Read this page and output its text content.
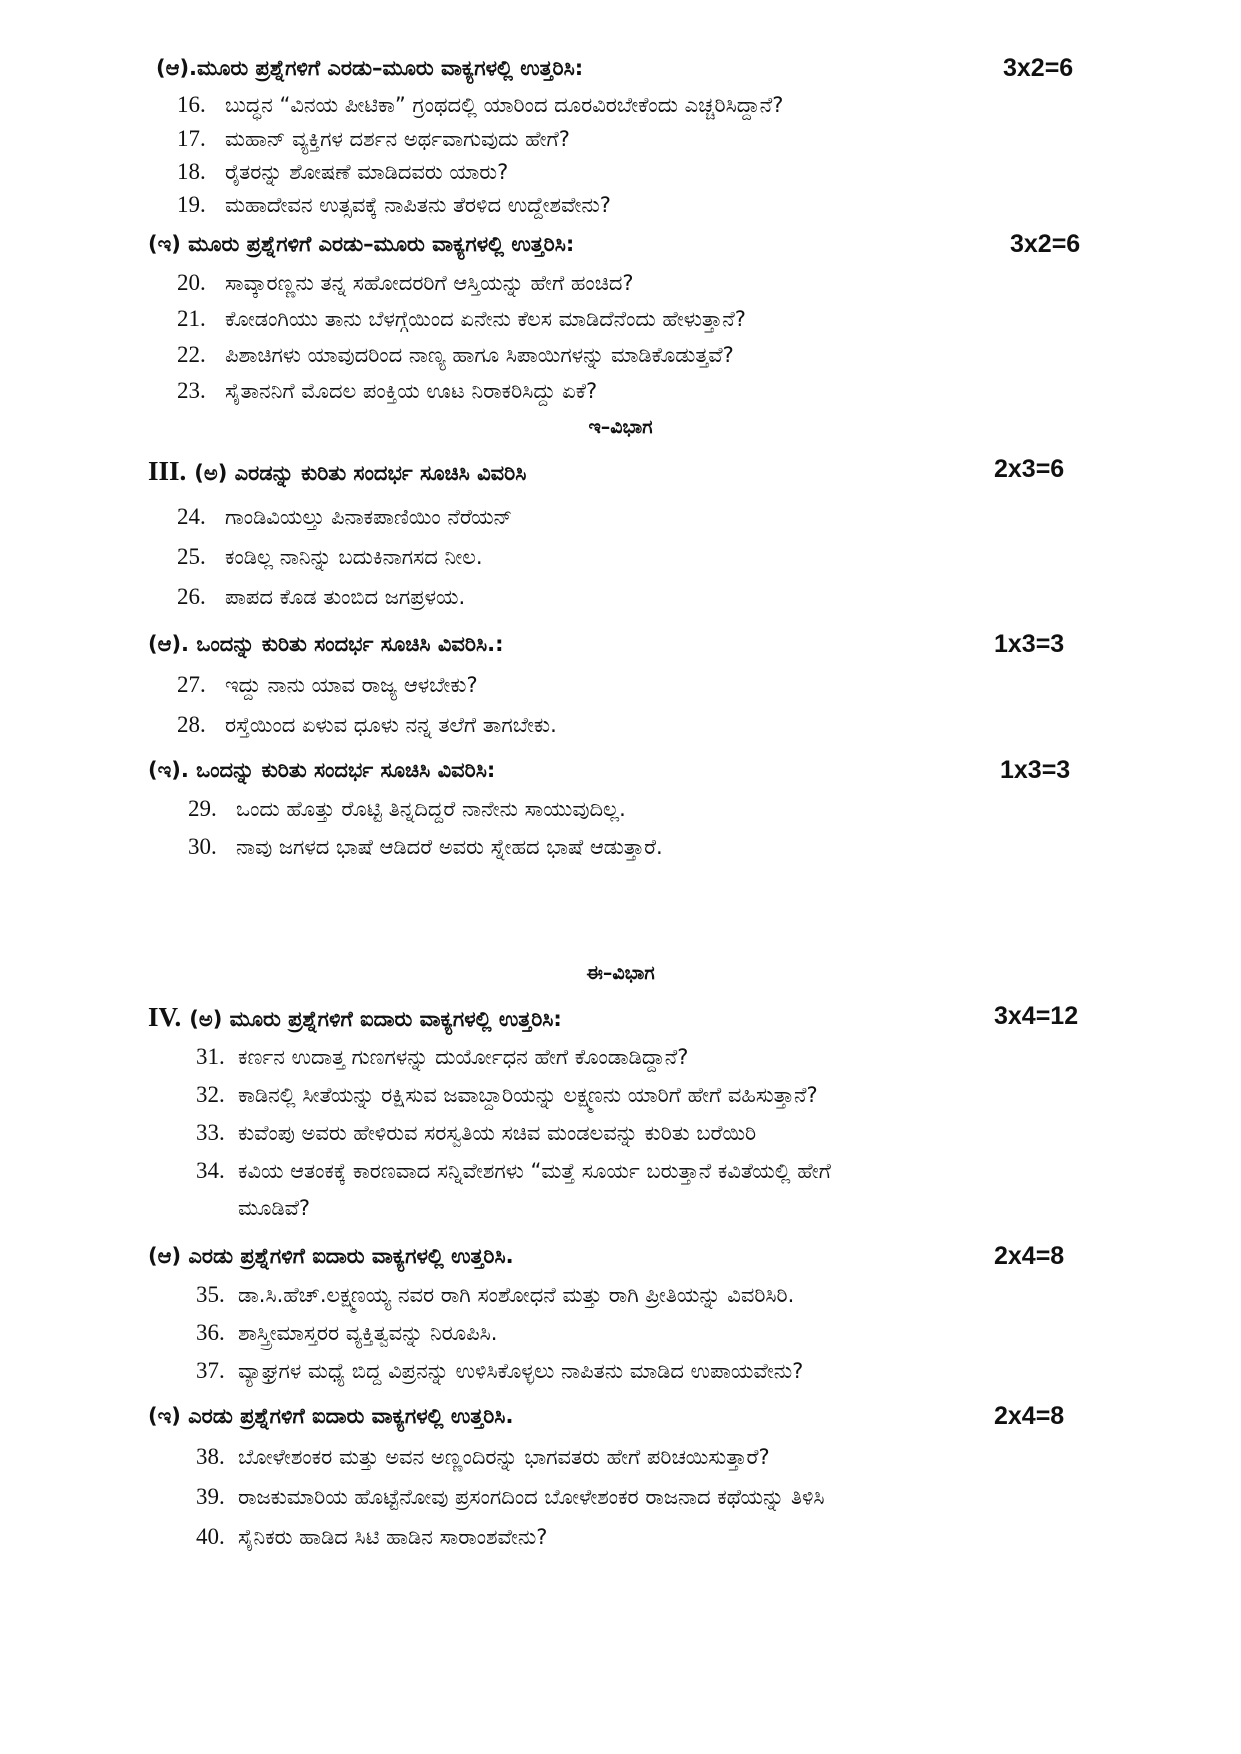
(ಆ).ಮೂರು ಪ್ರಶ್ನೆಗಳಿಗೆ ಎರಡು–ಮೂರು ವಾಕ್ಯಗಳಲ್ಲಿ ಉತ್ತರಿಸಿ:	3x2=6
16. ಬುದ್ಧನ “ವಿನಯ ಪೀಟಿಕಾ” ಗ್ರಂಥದಲ್ಲಿ ಯಾರಿಂದ ದೂರವಿರಬೇಕೆಂದು ಎಚ್ಚರಿಸಿದ್ದಾನೆ?
17. ಮಹಾನ್ ವ್ಯಕ್ತಿಗಳ ದರ್ಶನ ಅರ್ಥವಾಗುವುದು ಹೇಗೆ?
18. ರೈತರನ್ನು ಶೋಷಣೆ ಮಾಡಿದವರು ಯಾರು?
19. ಮಹಾದೇವನ ಉತ್ಸವಕ್ಕೆ ನಾಪಿತನು ತೆರಳಿದ ಉದ್ದೇಶವೇನು?
(ಇ) ಮೂರು ಪ್ರಶ್ನೆಗಳಿಗೆ ಎರಡು–ಮೂರು ವಾಕ್ಯಗಳಲ್ಲಿ ಉತ್ತರಿಸಿ:	3x2=6
20. ಸಾವ್ಕಾರಣ್ಣನು ತನ್ನ ಸಹೋದರರಿಗೆ ಆಸ್ತಿಯನ್ನು ಹೇಗೆ ಹಂಚಿದ?
21. ಕೋಡಂಗಿಯು ತಾನು ಬೆಳಗ್ಗೆಯಿಂದ ಏನೇನು ಕೆಲಸ ಮಾಡಿದೆನೆಂದು ಹೇಳುತ್ತಾನೆ?
22. ಪಿಶಾಚಿಗಳು ಯಾವುದರಿಂದ ನಾಣ್ಯ ಹಾಗೂ ಸಿಪಾಯಿಗಳನ್ನು ಮಾಡಿಕೊಡುತ್ತವೆ?
23. ಸೈತಾನನಿಗೆ ಮೊದಲ ಪಂಕ್ತಿಯ ಊಟ ನಿರಾಕರಿಸಿದ್ದು ಏಕೆ?
ಇ–ವಿಭಾಗ
III. (ಅ) ಎರಡನ್ನು ಕುರಿತು ಸಂದರ್ಭ ಸೂಚಿಸಿ ವಿವರಿಸಿ	2x3=6
24. ಗಾಂಡಿವಿಯಲ್ತು ಪಿನಾಕಪಾಣಿಯಿಂ ನೆರೆಯನ್
25. ಕಂಡಿಲ್ಲ ನಾನಿನ್ನು ಬದುಕಿನಾಗಸದ ನೀಲ.
26. ಪಾಪದ ಕೊಡ ತುಂಬಿದ ಜಗಪ್ರಳಯ.
(ಆ). ಒಂದನ್ನು ಕುರಿತು ಸಂದರ್ಭ ಸೂಚಿಸಿ ವಿವರಿಸಿ.:	1x3=3
27. ಇದ್ದು ನಾನು ಯಾವ ರಾಜ್ಯ ಆಳಬೇಕು?
28. ರಸ್ತೆಯಿಂದ ಏಳುವ ಧೂಳು ನನ್ನ ತಲೆಗೆ ತಾಗಬೇಕು.
(ಇ). ಒಂದನ್ನು ಕುರಿತು ಸಂದರ್ಭ ಸೂಚಿಸಿ ವಿವರಿಸಿ:	1x3=3
29. ಒಂದು ಹೊತ್ತು ರೊಟ್ಟಿ ತಿನ್ನದಿದ್ದರೆ ನಾನೇನು ಸಾಯುವುದಿಲ್ಲ.
30. ನಾವು ಜಗಳದ ಭಾಷೆ ಆಡಿದರೆ ಅವರು ಸ್ನೇಹದ ಭಾಷೆ ಆಡುತ್ತಾರೆ.
ಈ–ವಿಭಾಗ
IV. (ಅ) ಮೂರು ಪ್ರಶ್ನೆಗಳಿಗೆ ಐದಾರು ವಾಕ್ಯಗಳಲ್ಲಿ ಉತ್ತರಿಸಿ:	3x4=12
31. ಕರ್ಣನ ಉದಾತ್ತ ಗುಣಗಳನ್ನು ದುರ್ಯೋಧನ ಹೇಗೆ ಕೊಂಡಾಡಿದ್ದಾನೆ?
32. ಕಾಡಿನಲ್ಲಿ ಸೀತೆಯನ್ನು ರಕ್ಷಿಸುವ ಜವಾಬ್ದಾರಿಯನ್ನು ಲಕ್ಷ್ಮಣನು ಯಾರಿಗೆ ಹೇಗೆ ವಹಿಸುತ್ತಾನೆ?
33. ಕುವೆಂಪು ಅವರು ಹೇಳಿರುವ ಸರಸ್ವತಿಯ ಸಚಿವ ಮಂಡಲವನ್ನು ಕುರಿತು ಬರೆಯಿರಿ
34. ಕವಿಯ ಆತಂಕಕ್ಕೆ ಕಾರಣವಾದ ಸನ್ನಿವೇಶಗಳು “ಮತ್ತೆ ಸೂರ್ಯ ಬರುತ್ತಾನೆ ಕವಿತೆಯಲ್ಲಿ ಹೇಗೆ
ಮೂಡಿವೆ?
(ಆ) ಎರಡು ಪ್ರಶ್ನೆಗಳಿಗೆ ಐದಾರು ವಾಕ್ಯಗಳಲ್ಲಿ ಉತ್ತರಿಸಿ.	2x4=8
35. ಡಾ.ಸಿ.ಹೆಚ್.ಲಕ್ಷ್ಮಣಯ್ಯ ನವರ ರಾಗಿ ಸಂಶೋಧನೆ ಮತ್ತು ರಾಗಿ ಪ್ರೀತಿಯನ್ನು ವಿವರಿಸಿರಿ.
36. ಶಾಸ್ತ್ರೀಮಾಸ್ತರರ ವ್ಯಕ್ತಿತ್ವವನ್ನು ನಿರೂಪಿಸಿ.
37. ವ್ಯಾಘ್ರಗಳ ಮಧ್ಯೆ ಬಿದ್ದ ವಿಪ್ರನನ್ನು ಉಳಿಸಿಕೊಳ್ಳಲು ನಾಪಿತನು ಮಾಡಿದ ಉಪಾಯವೇನು?
(ಇ) ಎರಡು ಪ್ರಶ್ನೆಗಳಿಗೆ ಐದಾರು ವಾಕ್ಯಗಳಲ್ಲಿ ಉತ್ತರಿಸಿ.	2x4=8
38. ಬೋಳೇಶಂಕರ ಮತ್ತು ಅವನ ಅಣ್ಣಂದಿರನ್ನು ಭಾಗವತರು ಹೇಗೆ ಪರಿಚಯಿಸುತ್ತಾರೆ?
39. ರಾಜಕುಮಾರಿಯ ಹೊಟ್ಟೆನೋವು ಪ್ರಸಂಗದಿಂದ ಬೋಳೇಶಂಕರ ರಾಜನಾದ ಕಥೆಯನ್ನು ತಿಳಿಸಿ
40. ಸೈನಿಕರು ಹಾಡಿದ ಸಿಟಿ ಹಾಡಿನ ಸಾರಾಂಶವೇನು?
